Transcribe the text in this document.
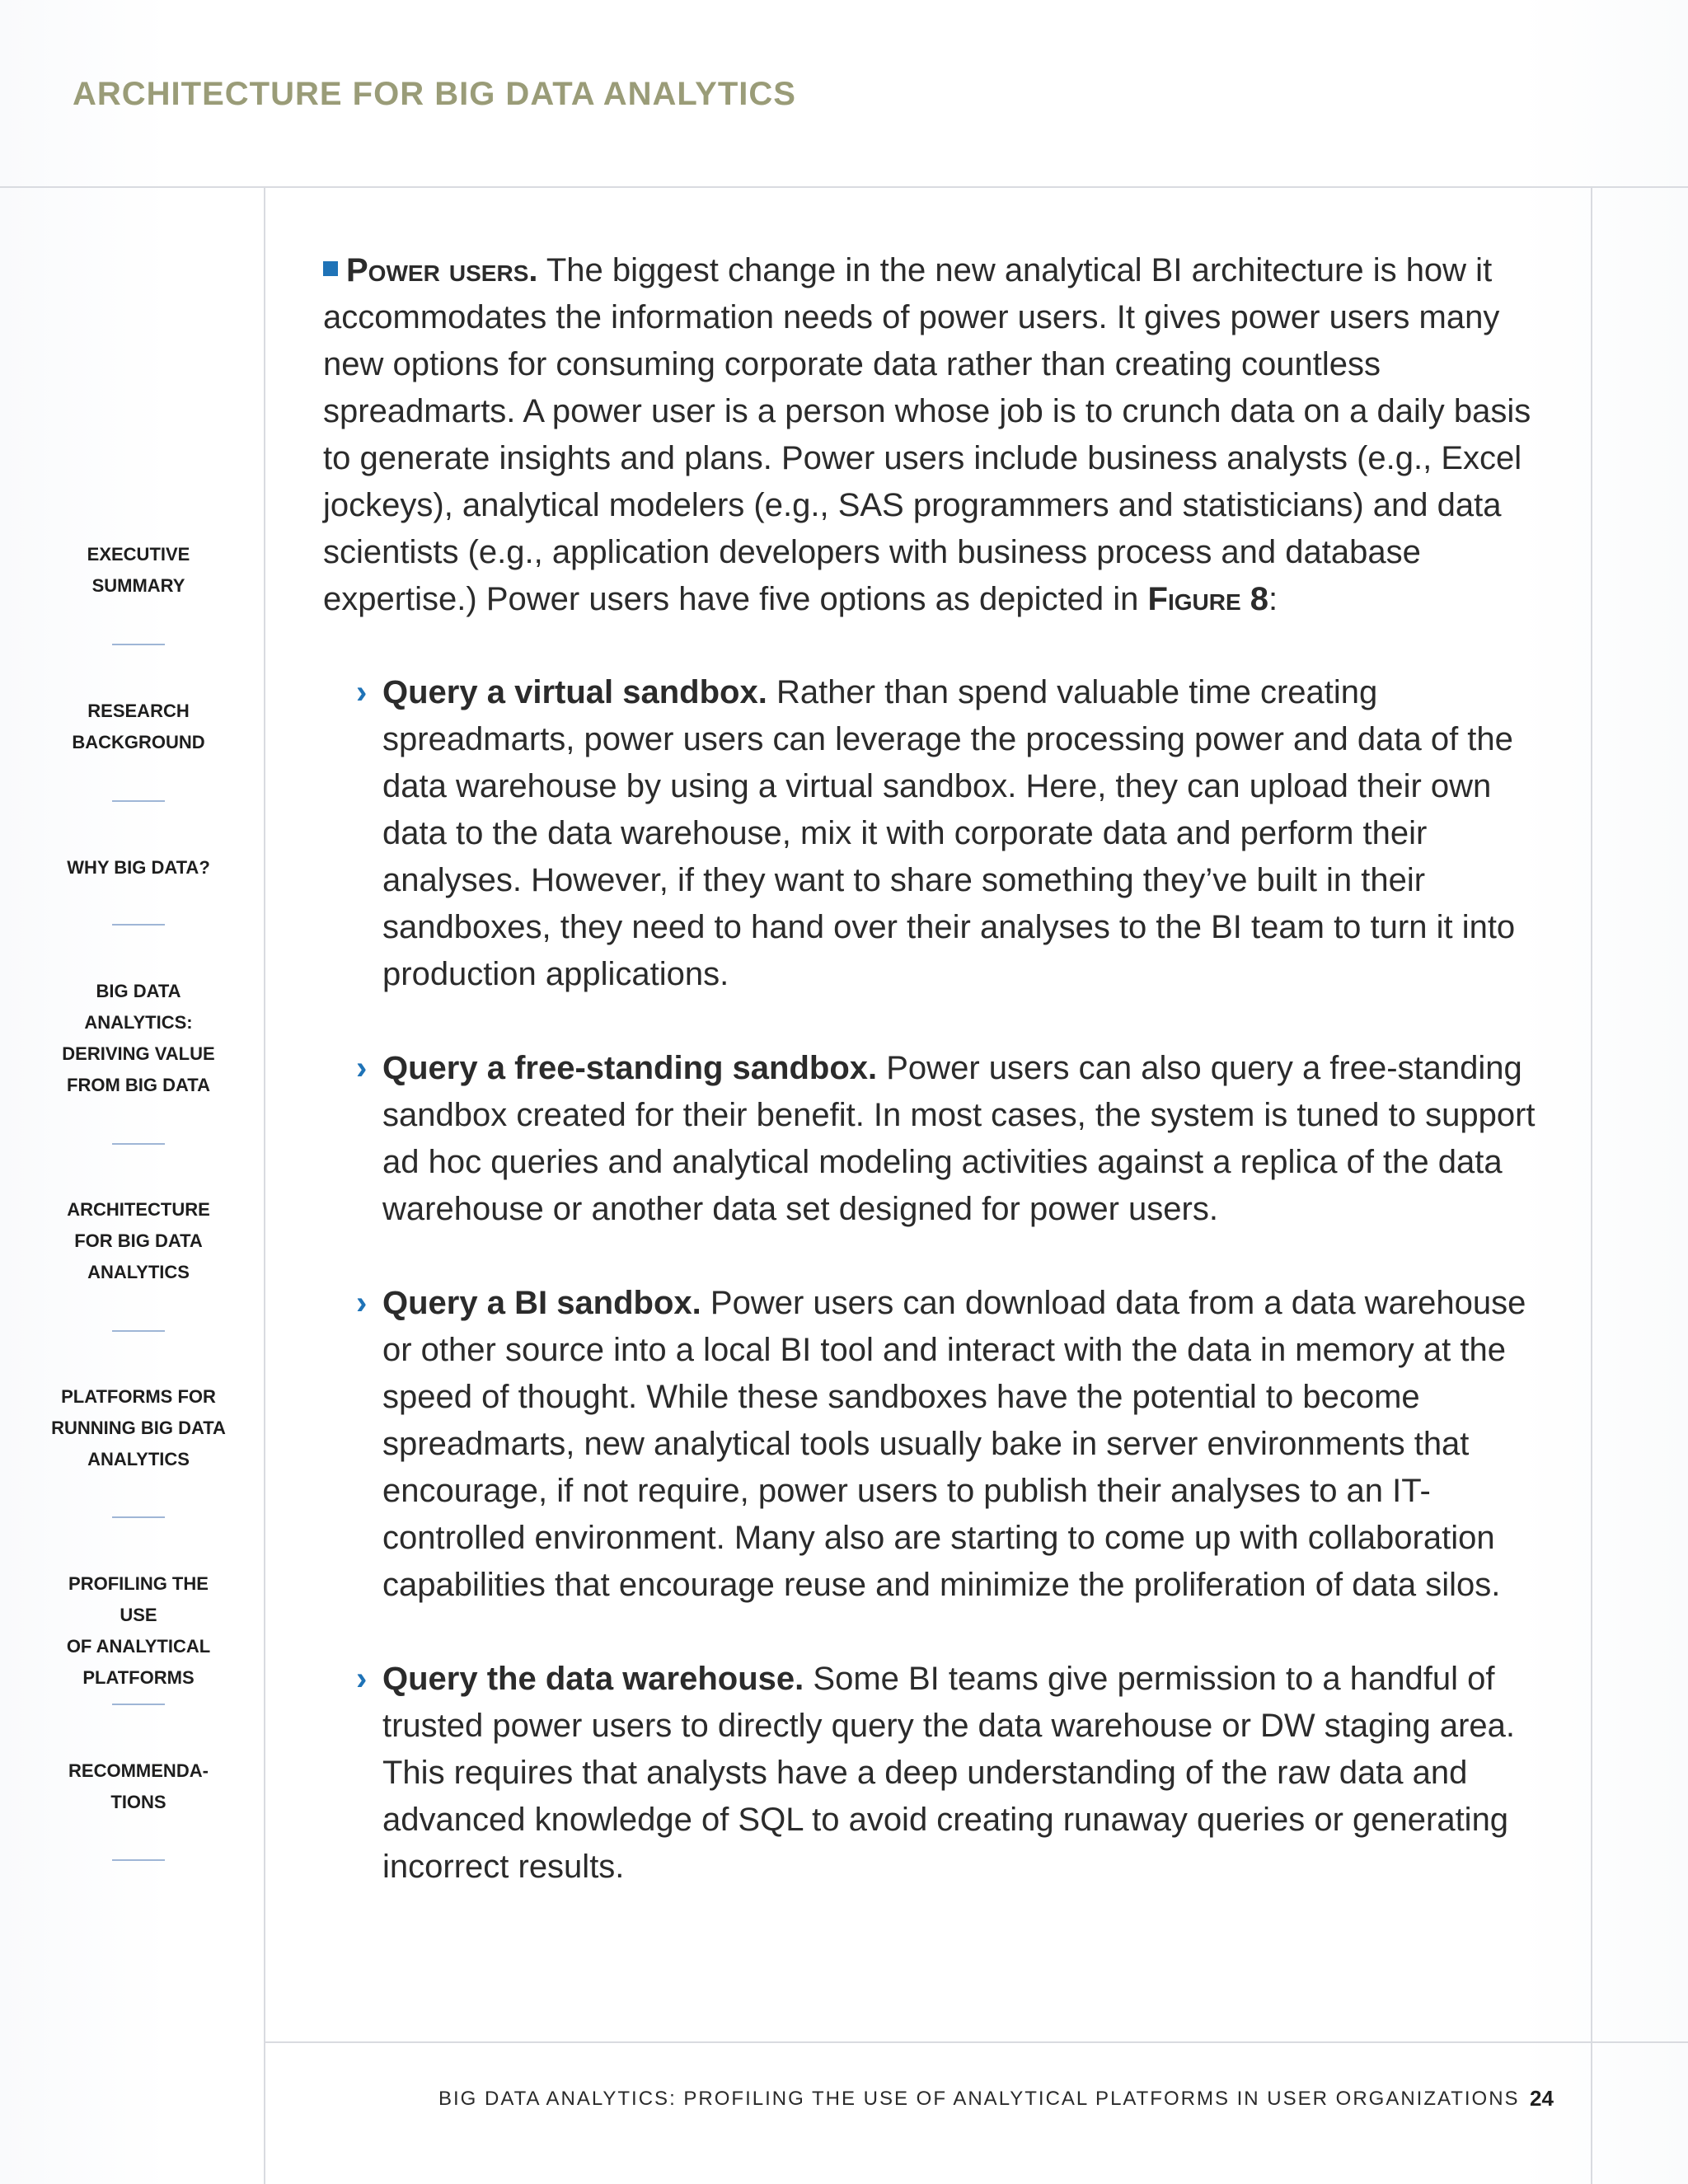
ARCHITECTURE FOR BIG DATA ANALYTICS
EXECUTIVE
SUMMARY
RESEARCH
BACKGROUND
WHY BIG DATA?
BIG DATA
ANALYTICS:
DERIVING VALUE
FROM BIG DATA
ARCHITECTURE
FOR BIG DATA
ANALYTICS
PLATFORMS FOR
RUNNING BIG DATA
ANALYTICS
PROFILING THE USE
OF ANALYTICAL
PLATFORMS
RECOMMENDA-
TIONS

Power users. The biggest change in the new analytical BI architecture is how it accommodates the information needs of power users. It gives power users many new options for consuming corporate data rather than creating countless spreadmarts. A power user is a person whose job is to crunch data on a daily basis to generate insights and plans. Power users include business analysts (e.g., Excel jockeys), analytical modelers (e.g., SAS programmers and statisticians) and data scientists (e.g., application developers with business process and database expertise.) Power users have five options as depicted in Figure 8:

› Query a virtual sandbox. Rather than spend valuable time creating spreadmarts, power users can leverage the processing power and data of the data warehouse by using a virtual sandbox. Here, they can upload their own data to the data warehouse, mix it with corporate data and perform their analyses. However, if they want to share something they’ve built in their sandboxes, they need to hand over their analyses to the BI team to turn it into production applications.

› Query a free-standing sandbox. Power users can also query a free-standing sandbox created for their benefit. In most cases, the system is tuned to support ad hoc queries and analytical modeling activities against a replica of the data warehouse or another data set designed for power users.

› Query a BI sandbox. Power users can download data from a data warehouse or other source into a local BI tool and interact with the data in memory at the speed of thought. While these sandboxes have the potential to become spreadmarts, new analytical tools usually bake in server environments that encourage, if not require, power users to publish their analyses to an IT-controlled environment. Many also are starting to come up with collaboration capabilities that encourage reuse and minimize the proliferation of data silos.

› Query the data warehouse. Some BI teams give permission to a handful of trusted power users to directly query the data warehouse or DW staging area. This requires that analysts have a deep understanding of the raw data and advanced knowledge of SQL to avoid creating runaway queries or generating incorrect results.

BIG DATA ANALYTICS: PROFILING THE USE OF ANALYTICAL PLATFORMS IN USER ORGANIZATIONS 24
